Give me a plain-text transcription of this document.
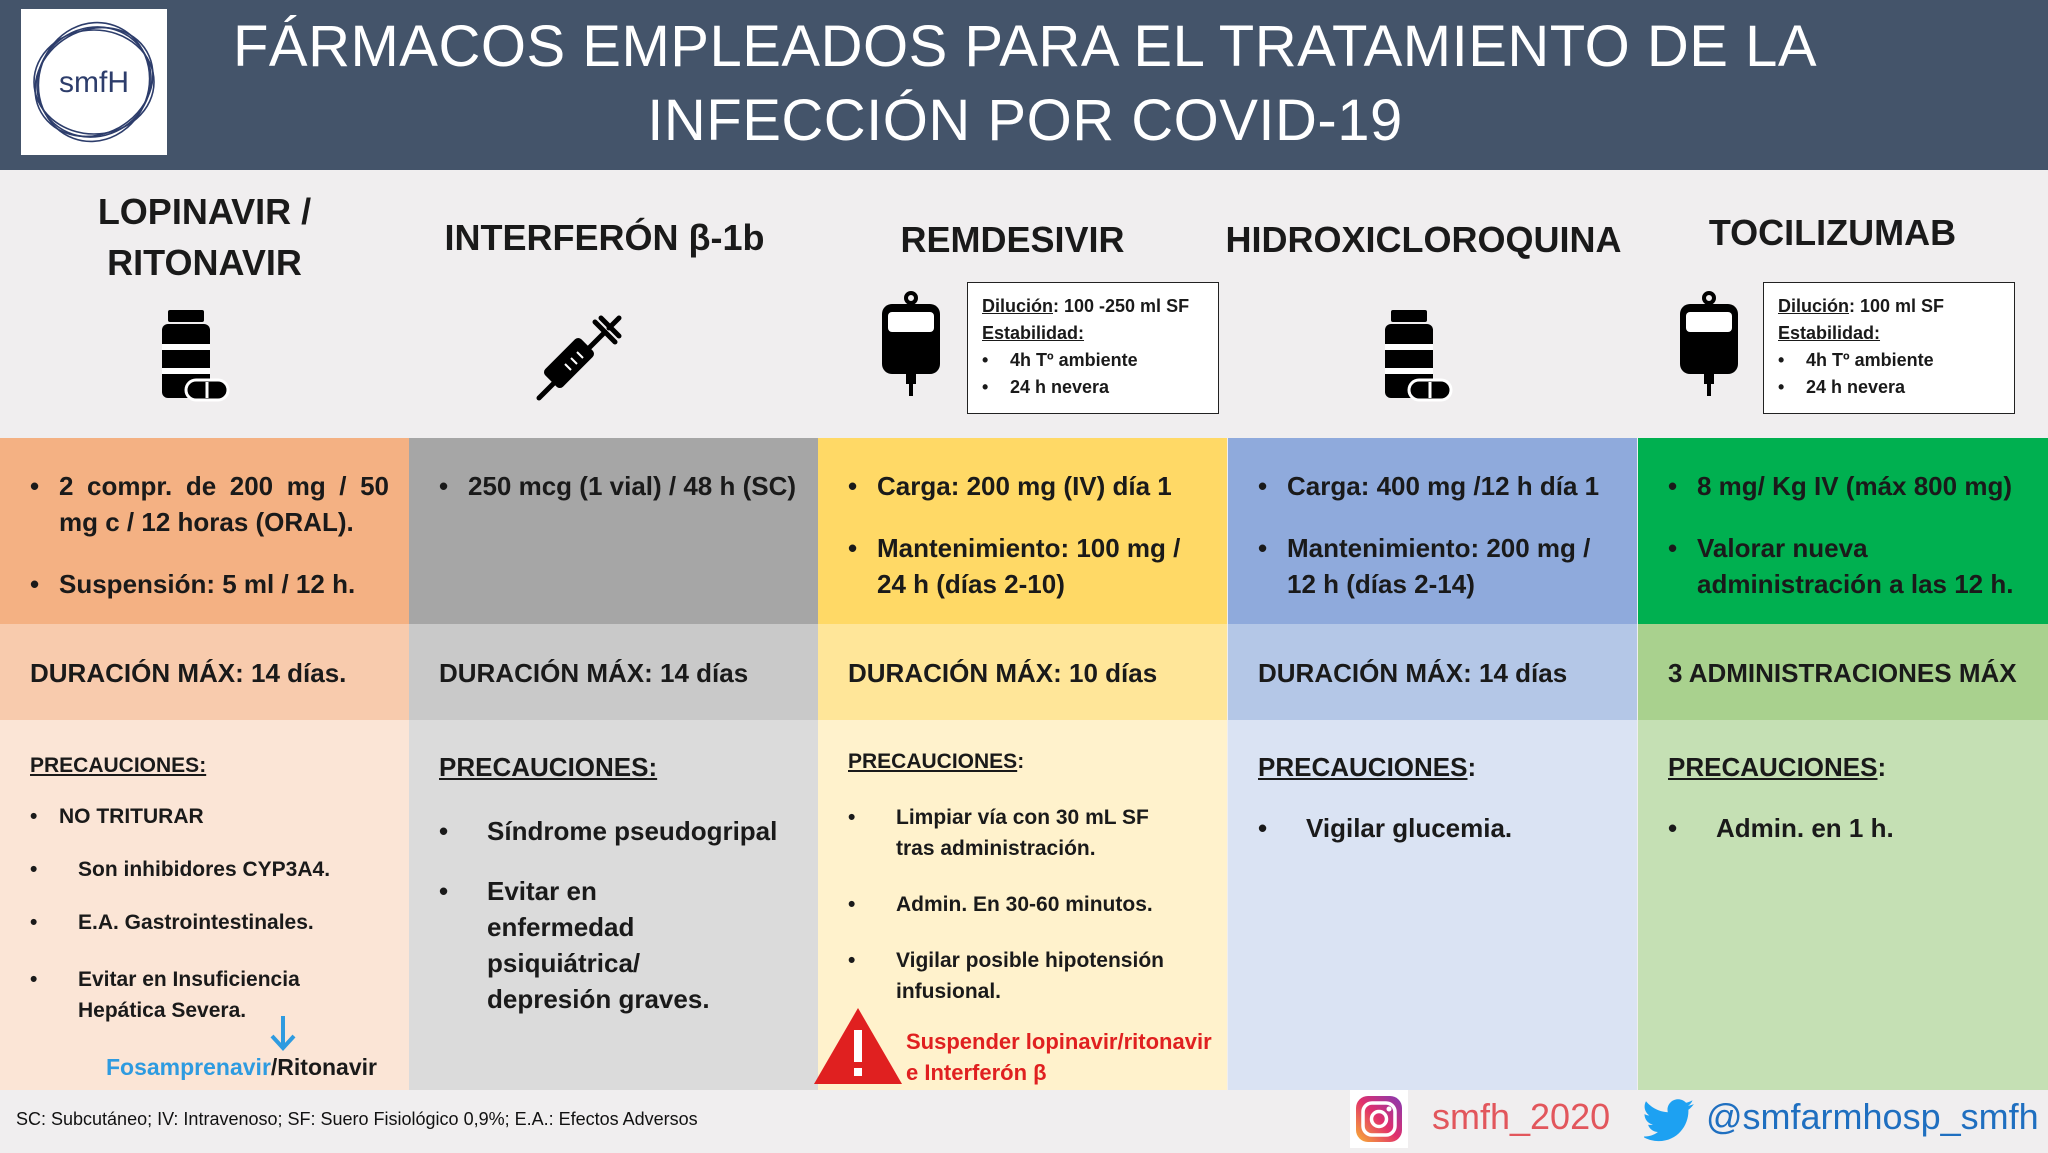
smfH
FÁRMACOS EMPLEADOS PARA EL TRATAMIENTO DE LA
INFECCIÓN POR COVID-19
LOPINAVIR /
RITONAVIR
INTERFERÓN β-1b	REMDESIVIR	HIDROXICLOROQUINA	TOCILIZUMAB
Dilución: 100 -250 ml SF
Estabilidad:
• 4h Tº ambiente
• 24 h nevera
Dilución: 100 ml SF
Estabilidad:
• 4h Tº ambiente
• 24 h nevera
• 2 compr. de 200 mg / 50 mg c / 12 horas (ORAL).
• Suspensión: 5 ml / 12 h.
• 250 mcg (1 vial) / 48 h (SC)
•	Carga: 200 mg (IV) día 1
• Mantenimiento: 100 mg / 24 h (días 2-10)
• Carga: 400 mg /12 h día 1
• Mantenimiento: 200 mg / 12 h (días 2-14)
• 8 mg/ Kg IV (máx 800 mg)
• Valorar nueva administración a las 12 h.
DURACIÓN MÁX: 14 días.	DURACIÓN MÁX: 14 días	DURACIÓN MÁX: 10 días	DURACIÓN MÁX: 14 días	3 ADMINISTRACIONES MÁX
PRECAUCIONES:
• NO TRITURAR
• Son inhibidores CYP3A4.
• E.A. Gastrointestinales.
• Evitar en Insuficiencia Hepática Severa.
Fosamprenavir/Ritonavir
PRECAUCIONES:
• Síndrome pseudogripal
• Evitar en enfermedad psiquiátrica/ depresión graves.
PRECAUCIONES:
• Limpiar vía con 30 mL SF tras administración.
• Admin. En 30-60 minutos.
• Vigilar posible hipotensión infusional.
Suspender lopinavir/ritonavir
e Interferón β
PRECAUCIONES:
• Vigilar glucemia.
PRECAUCIONES:
• Admin. en 1 h.
SC: Subcutáneo; IV: Intravenoso; SF: Suero Fisiológico 0,9%; E.A.: Efectos Adversos	smfh_2020	@smfarmhosp_smfh
